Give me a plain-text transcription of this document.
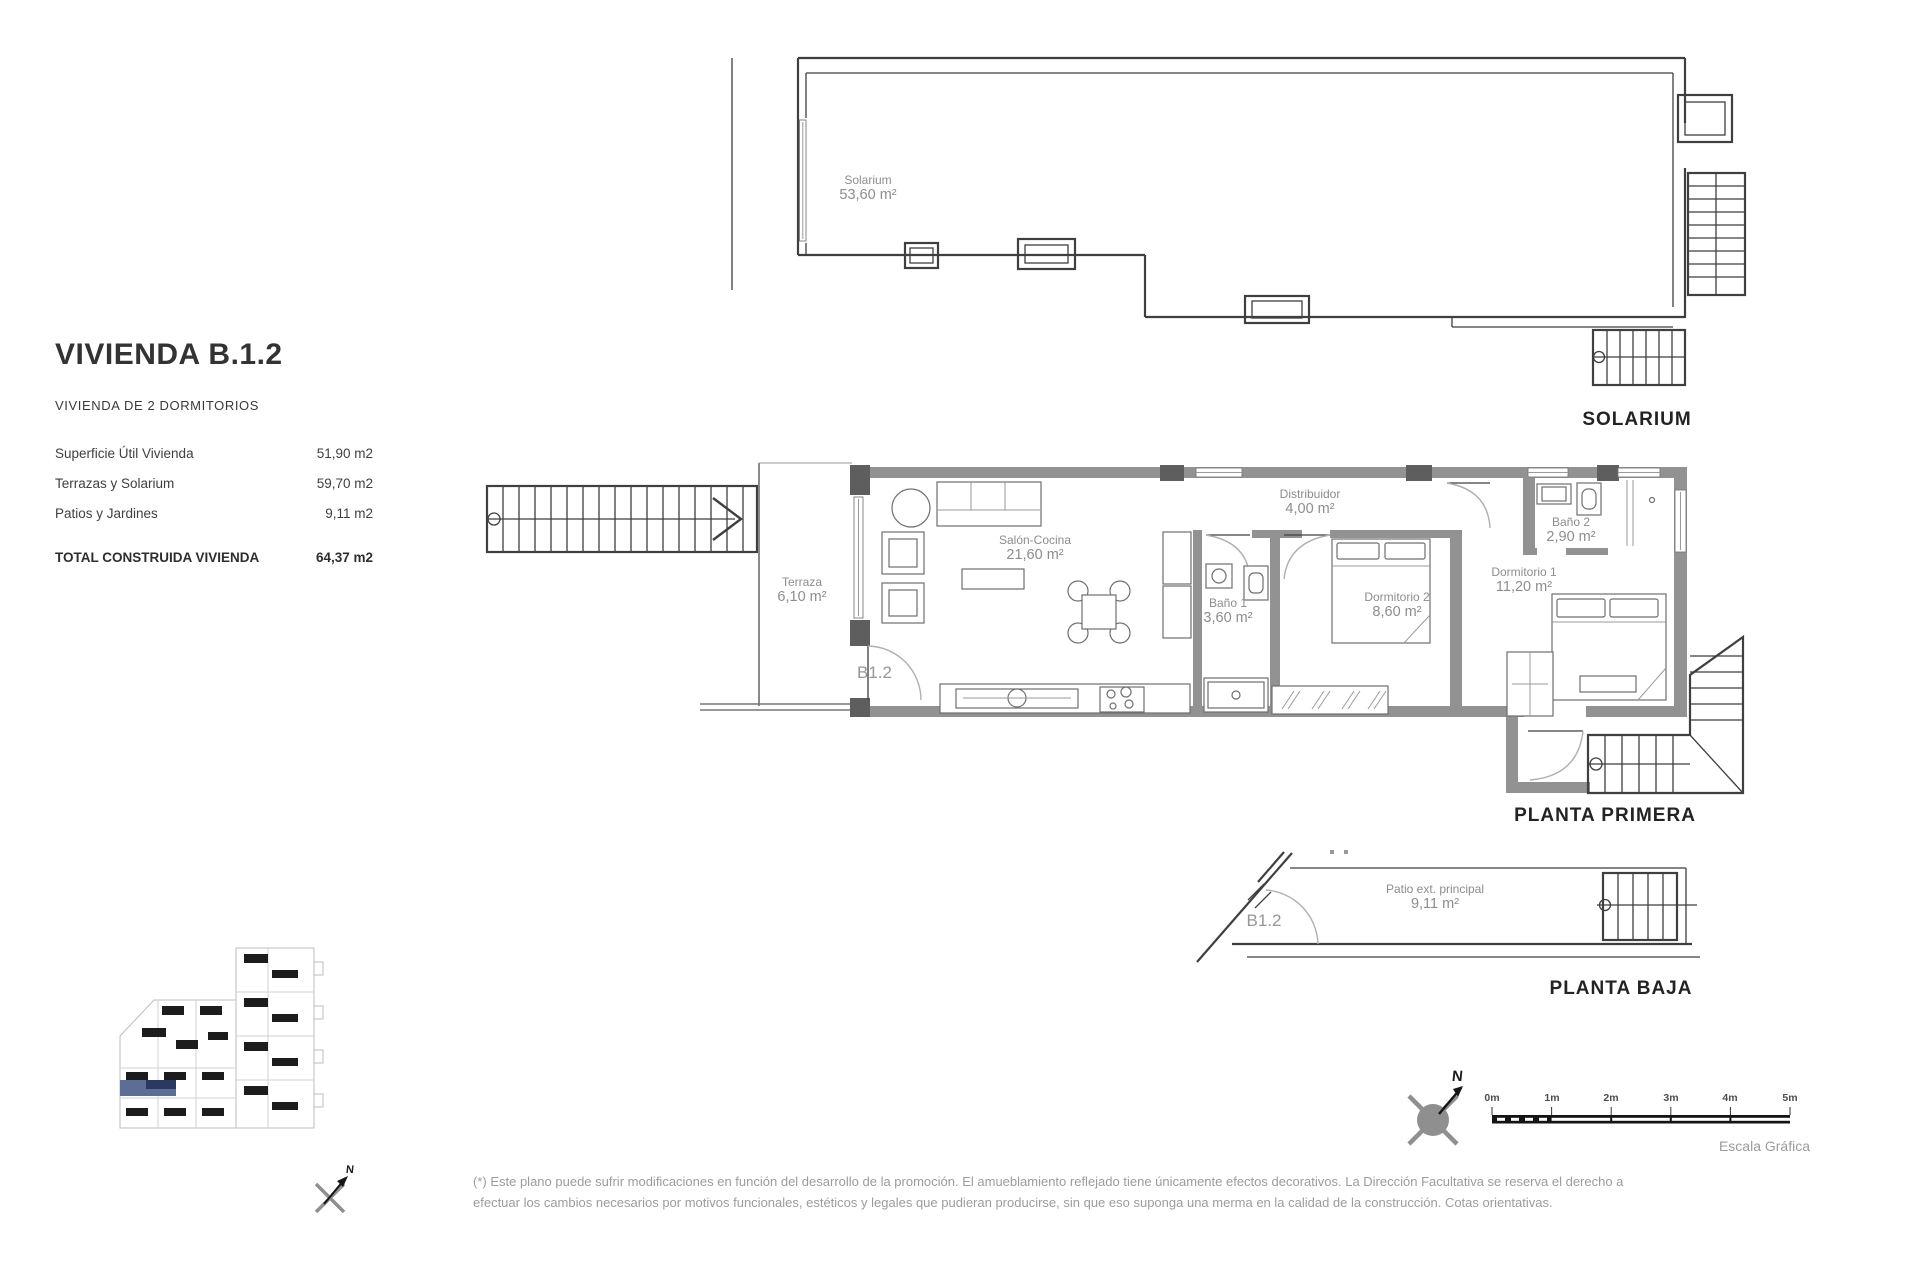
VIVIENDA B.1.2
VIVIENDA DE 2 DORMITORIOS
Superficie Útil Vivienda	51,90 m2
Terrazas y Solarium	59,70 m2
Patios y Jardines	9,11 m2
TOTAL CONSTRUIDA VIVIENDA	64,37 m2
Solarium
53,60 m²
SOLARIUM
Terraza
6,10 m²
Salón-Cocina
21,60 m²
Distribuidor
4,00 m²
Baño 1
3,60 m²
Dormitorio 2
8,60 m²
Baño 2
2,90 m²
Dormitorio 1
11,20 m²
B1.2
PLANTA PRIMERA
B1.2
Patio ext. principal
9,11 m²
PLANTA BAJA
N
N
0m	1m	2m	3m	4m	5m
Escala Gráfica

(*) Este plano puede sufrir modificaciones en función del desarrollo de la promoción. El amueblamiento reflejado tiene únicamente efectos decorativos. La Dirección Facultativa se reserva el derecho a
efectuar los cambios necesarios por motivos funcionales, estéticos y legales que pudieran producirse, sin que eso suponga una merma en la calidad de la construcción. Cotas orientativas.
